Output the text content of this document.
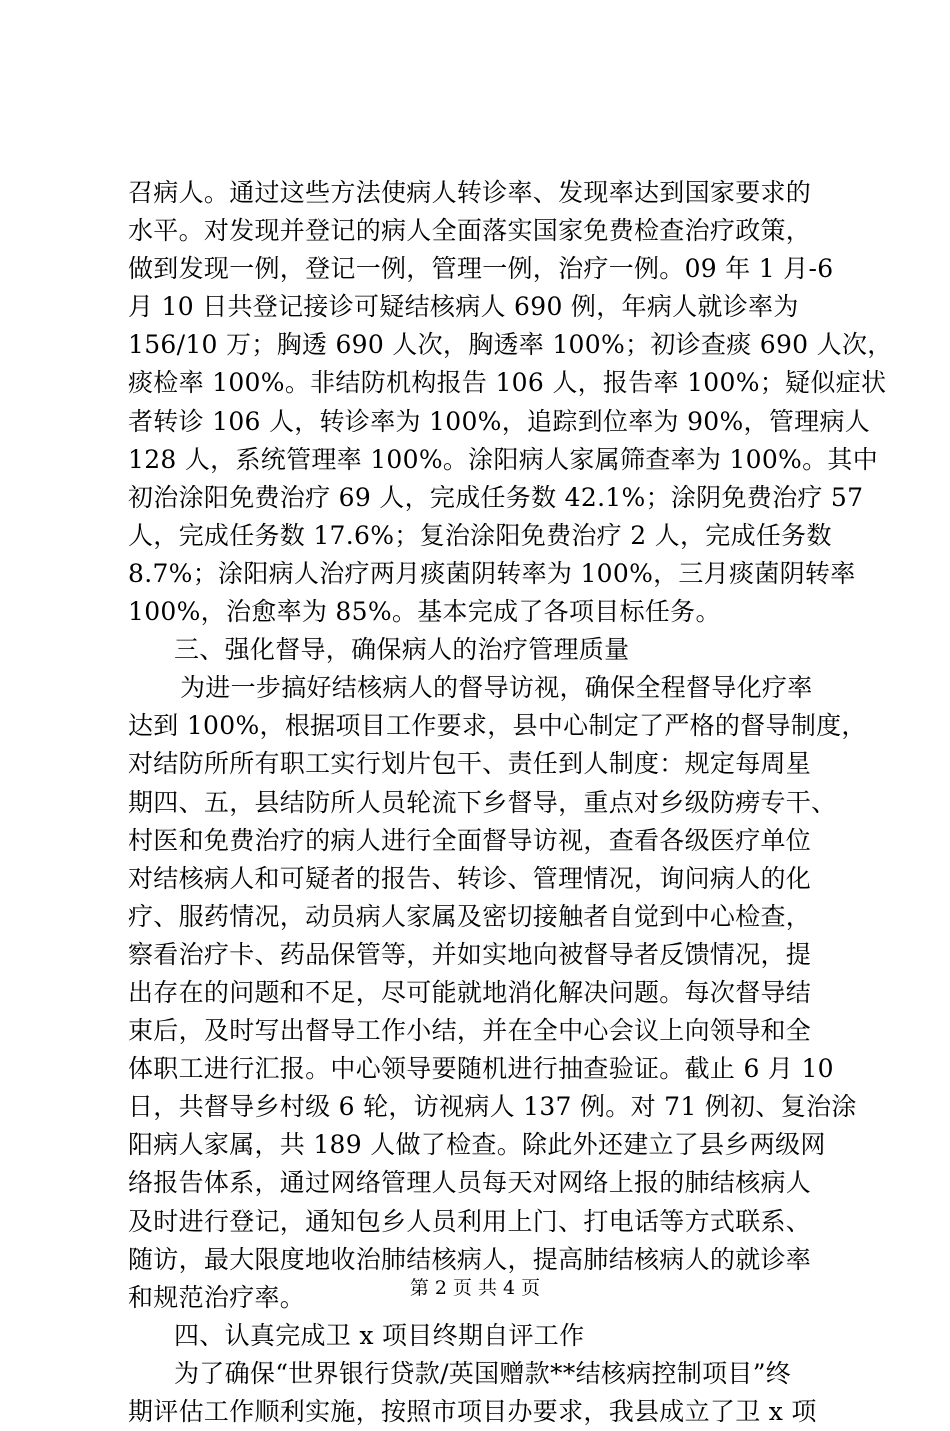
召病人。通过这些方法使病人转诊率、发现率达到国家要求的
水平。对发现并登记的病人全面落实国家免费检查治疗政策，
做到发现一例，登记一例，管理一例，治疗一例。09 年 1 月-6
月 10 日共登记接诊可疑结核病人 690 例，年病人就诊率为
156/10 万；胸透 690 人次，胸透率 100%；初诊查痰 690 人次，
痰检率 100%。非结防机构报告 106 人，报告率 100%；疑似症状
者转诊 106 人，转诊率为 100%，追踪到位率为 90%，管理病人
128 人，系统管理率 100%。涂阳病人家属筛查率为 100%。其中
初治涂阳免费治疗 69 人，完成任务数 42.1%；涂阴免费治疗 57
人，完成任务数 17.6%；复治涂阳免费治疗 2 人，完成任务数
8.7%；涂阳病人治疗两月痰菌阴转率为 100%，三月痰菌阴转率
100%，治愈率为 85%。基本完成了各项目标任务。
三、强化督导，确保病人的治疗管理质量
为进一步搞好结核病人的督导访视，确保全程督导化疗率
达到 100%，根据项目工作要求，县中心制定了严格的督导制度，
对结防所所有职工实行划片包干、责任到人制度：规定每周星
期四、五，县结防所人员轮流下乡督导，重点对乡级防痨专干、
村医和免费治疗的病人进行全面督导访视，查看各级医疗单位
对结核病人和可疑者的报告、转诊、管理情况，询问病人的化
疗、服药情况，动员病人家属及密切接触者自觉到中心检查，
察看治疗卡、药品保管等，并如实地向被督导者反馈情况，提
出存在的问题和不足，尽可能就地消化解决问题。每次督导结
束后，及时写出督导工作小结，并在全中心会议上向领导和全
体职工进行汇报。中心领导要随机进行抽查验证。截止 6 月 10
日，共督导乡村级 6 轮，访视病人 137 例。对 71 例初、复治涂
阳病人家属，共 189 人做了检查。除此外还建立了县乡两级网
络报告体系，通过网络管理人员每天对网络上报的肺结核病人
及时进行登记，通知包乡人员利用上门、打电话等方式联系、
随访，最大限度地收治肺结核病人，提高肺结核病人的就诊率
和规范治疗率。
四、认真完成卫 x 项目终期自评工作
为了确保“世界银行贷款/英国赠款**结核病控制项目”终
期评估工作顺利实施，按照市项目办要求，我县成立了卫 x 项
第 2 页 共 4 页
